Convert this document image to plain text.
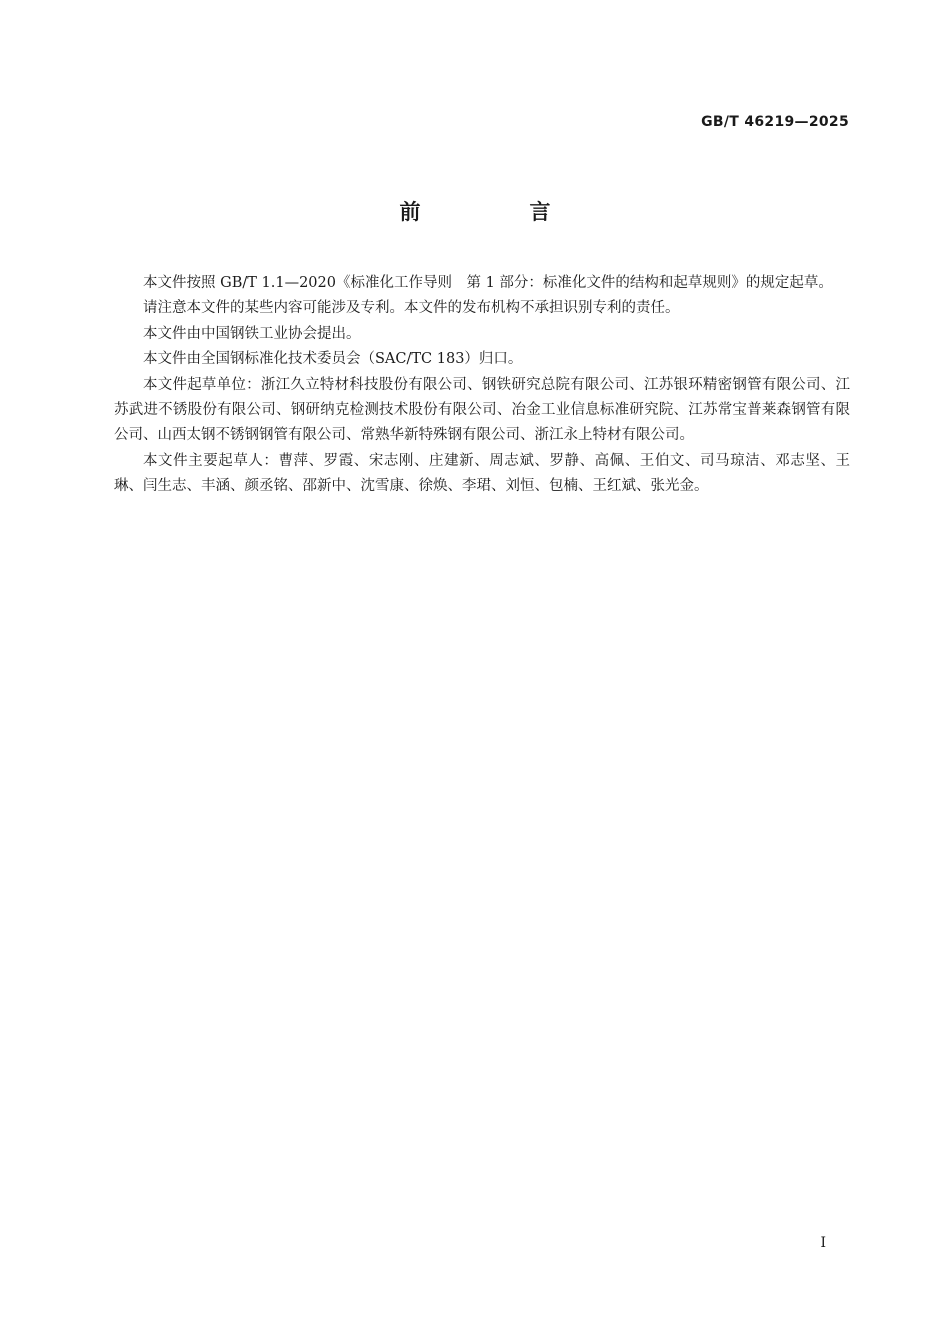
GB/T 46219—2025
前　言

本文件按照 GB/T 1.1—2020《标准化工作导则　第 1 部分：标准化文件的结构和起草规则》的规定起草。

请注意本文件的某些内容可能涉及专利。本文件的发布机构不承担识别专利的责任。

本文件由中国钢铁工业协会提出。

本文件由全国钢标准化技术委员会（SAC/TC 183）归口。

本文件起草单位：浙江久立特材科技股份有限公司、钢铁研究总院有限公司、江苏银环精密钢管有限公司、江苏武进不锈股份有限公司、钢研纳克检测技术股份有限公司、冶金工业信息标准研究院、江苏常宝普莱森钢管有限公司、山西太钢不锈钢钢管有限公司、常熟华新特殊钢有限公司、浙江永上特材有限公司。

本文件主要起草人：曹萍、罗霞、宋志刚、庄建新、周志斌、罗静、高佩、王伯文、司马琼洁、邓志坚、王琳、闫生志、丰涵、颜丞铭、邵新中、沈雪康、徐焕、李珺、刘恒、包楠、王红斌、张光金。

I
